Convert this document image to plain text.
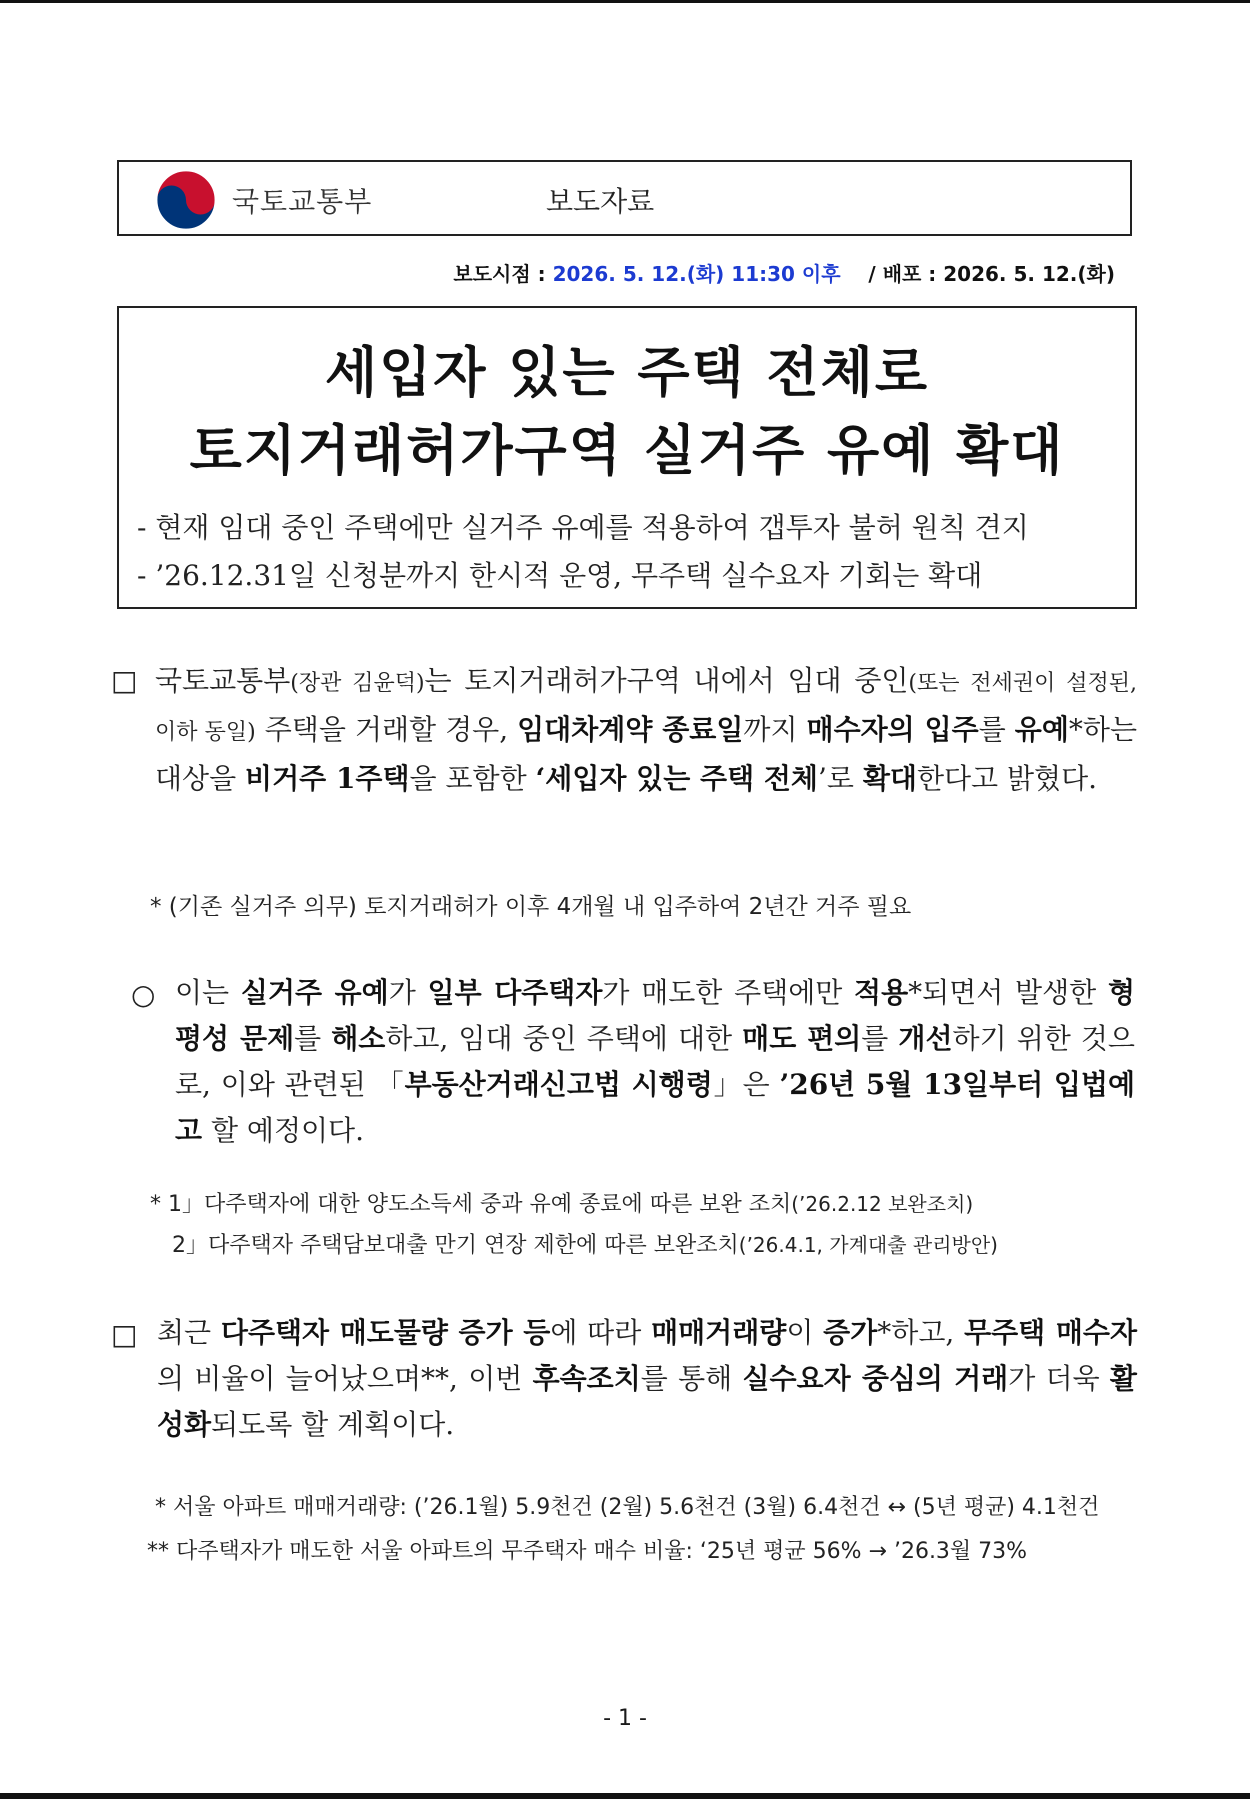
국토교통부	보도자료
보도시점 : 2026. 5. 12.(화) 11:30 이후 / 배포 : 2026. 5. 12.(화)
세입자 있는 주택 전체로
토지거래허가구역 실거주 유예 확대
- 현재 임대 중인 주택에만 실거주 유예를 적용하여 갭투자 불허 원칙 견지
- ’26.12.31일 신청분까지 한시적 운영, 무주택 실수요자 기회는 확대
□ 국토교통부(장관 김윤덕)는 토지거래허가구역 내에서 임대 중인(또는 전세권이 설정된, 이하 동일) 주택을 거래할 경우, 임대차계약 종료일까지 매수자의 입주를 유예*하는 대상을 비거주 1주택을 포함한 ‘세입자 있는 주택 전체’로 확대한다고 밝혔다.
* (기존 실거주 의무) 토지거래허가 이후 4개월 내 입주하여 2년간 거주 필요
○ 이는 실거주 유예가 일부 다주택자가 매도한 주택에만 적용*되면서 발생한 형평성 문제를 해소하고, 임대 중인 주택에 대한 매도 편의를 개선하기 위한 것으로, 이와 관련된 「부동산거래신고법 시행령」은 ’26년 5월 13일부터 입법예고 할 예정이다.
* 1」다주택자에 대한 양도소득세 중과 유예 종료에 따른 보완 조치(’26.2.12 보완조치)
2」다주택자 주택담보대출 만기 연장 제한에 따른 보완조치(’26.4.1, 가계대출 관리방안)
□ 최근 다주택자 매도물량 증가 등에 따라 매매거래량이 증가*하고, 무주택 매수자의 비율이 늘어났으며**, 이번 후속조치를 통해 실수요자 중심의 거래가 더욱 활성화되도록 할 계획이다.
* 서울 아파트 매매거래량: (’26.1월) 5.9천건 (2월) 5.6천건 (3월) 6.4천건 ↔ (5년 평균) 4.1천건
** 다주택자가 매도한 서울 아파트의 무주택자 매수 비율: ‘25년 평균 56% → ’26.3월 73%
- 1 -
